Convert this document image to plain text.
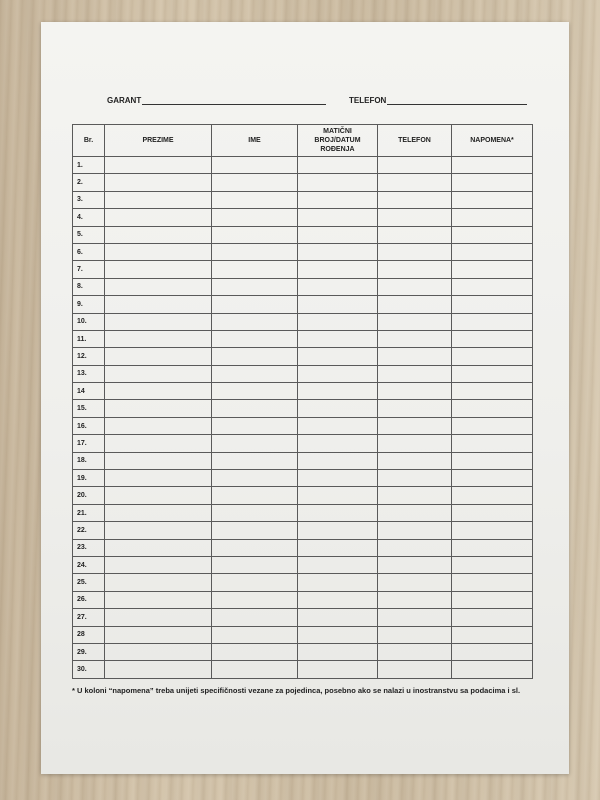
GARANT	TELEFON
Br.	PREZIME	IME	MATIČNI
BROJ/DATUM
ROĐENJA	TELEFON	NAPOMENA*
1.					
2.					
3.					
4.					
5.					
6.					
7.					
8.					
9.					
10.					
11.					
12.					
13.					
14					
15.					
16.					
17.					
18.					
19.					
20.					
21.					
22.					
23.					
24.					
25.					
26.					
27.					
28					
29.					
30.					
* U koloni “napomena” treba unijeti specifičnosti vezane za pojedinca, posebno ako se nalazi u inostranstvu sa podacima i sl.
